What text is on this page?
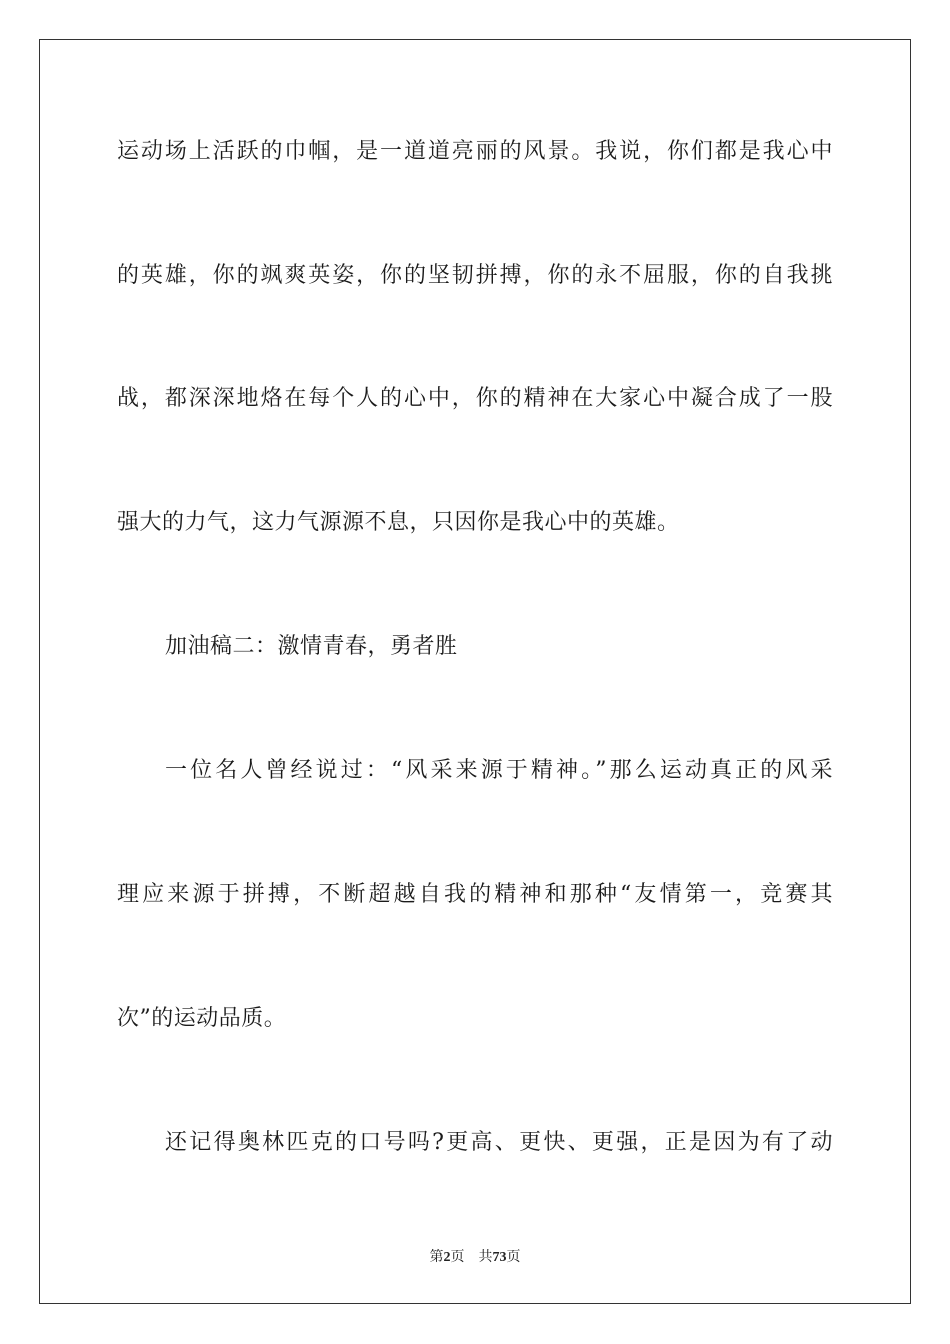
运动场上活跃的巾帼，是一道道亮丽的风景。我说，你们都是我心中
的英雄，你的飒爽英姿，你的坚韧拼搏，你的永不屈服，你的自我挑
战，都深深地烙在每个人的心中，你的精神在大家心中凝合成了一股
强大的力气，这力气源源不息，只因你是我心中的英雄。
加油稿二：激情青春，勇者胜
一位名人曾经说过：“风采来源于精神。”那么运动真正的风采
理应来源于拼搏，不断超越自我的精神和那种“友情第一，竞赛其
次”的运动品质。
还记得奥林匹克的口号吗?更高、更快、更强，正是因为有了动
第2页 共73页
